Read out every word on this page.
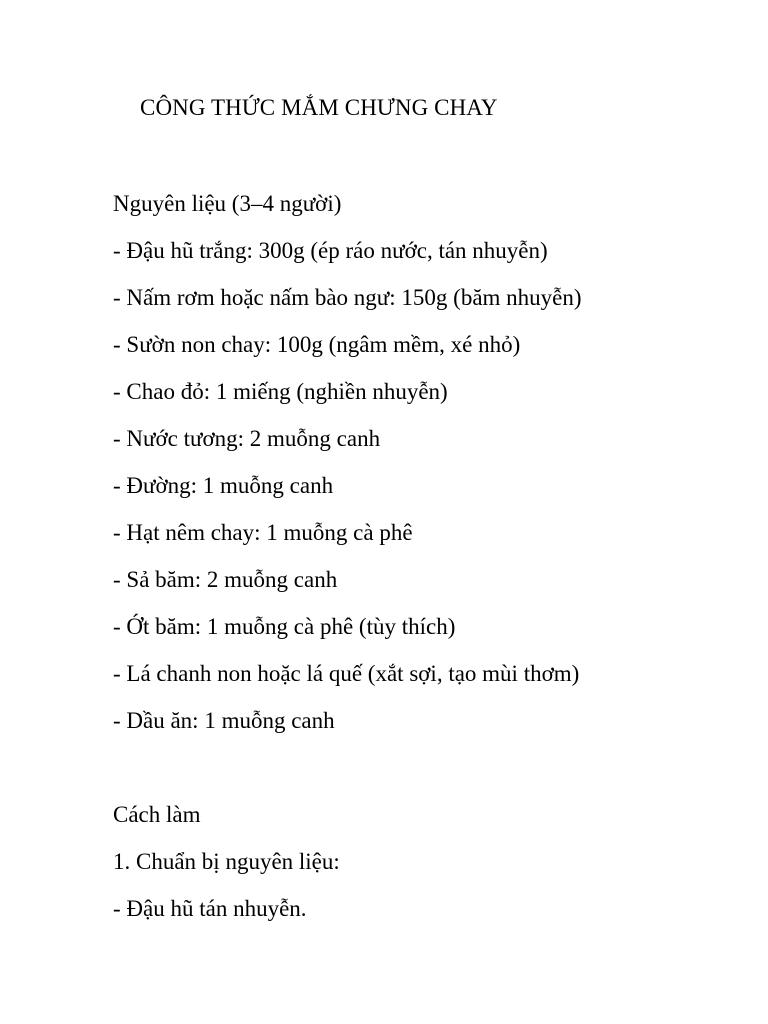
CÔNG THỨC MẮM CHƯNG CHAY

Nguyên liệu (3–4 người)

- Đậu hũ trắng: 300g (ép ráo nước, tán nhuyễn)

- Nấm rơm hoặc nấm bào ngư: 150g (băm nhuyễn)

- Sườn non chay: 100g (ngâm mềm, xé nhỏ)

- Chao đỏ: 1 miếng (nghiền nhuyễn)

- Nước tương: 2 muỗng canh

- Đường: 1 muỗng canh

- Hạt nêm chay: 1 muỗng cà phê

- Sả băm: 2 muỗng canh

- Ớt băm: 1 muỗng cà phê (tùy thích)

- Lá chanh non hoặc lá quế (xắt sợi, tạo mùi thơm)

- Dầu ăn: 1 muỗng canh

Cách làm

1. Chuẩn bị nguyên liệu:

- Đậu hũ tán nhuyễn.
